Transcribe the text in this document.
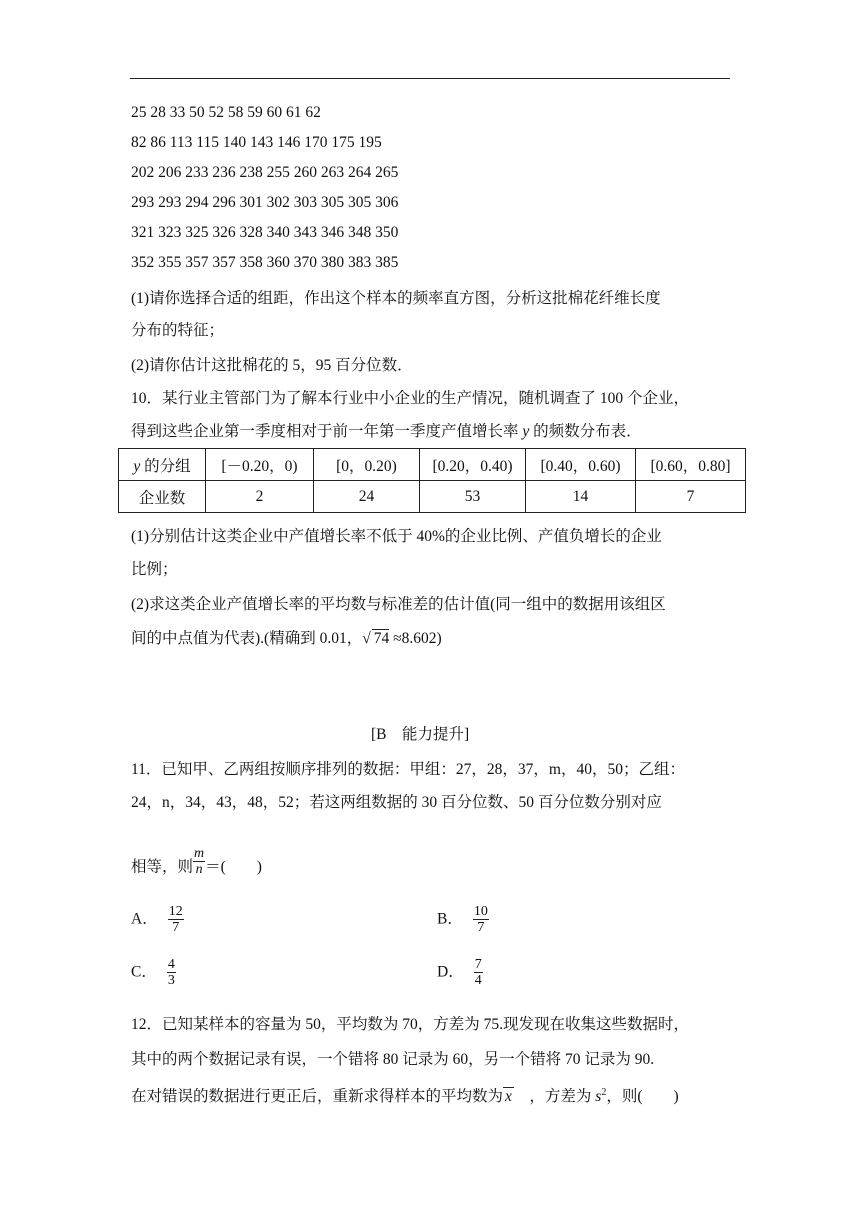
25 28 33 50 52 58 59 60 61 62
82 86 113 115 140 143 146 170 175 195
202 206 233 236 238 255 260 263 264 265
293 293 294 296 301 302 303 305 305 306
321 323 325 326 328 340 343 346 348 350
352 355 357 357 358 360 370 380 383 385
(1)请你选择合适的组距，作出这个样本的频率直方图，分析这批棉花纤维长度
分布的特征；
(2)请你估计这批棉花的 5，95 百分位数．
10．某行业主管部门为了解本行业中小企业的生产情况，随机调查了 100 个企业，
得到这些企业第一季度相对于前一年第一季度产值增长率 y 的频数分布表．
y 的分组	[－0.20，0)	[0，0.20)	[0.20，0.40)	[0.40，0.60)	[0.60，0.80]
企业数	2	24	53	14	7
(1)分别估计这类企业中产值增长率不低于 40%的企业比例、产值负增长的企业
比例；
(2)求这类企业产值增长率的平均数与标准差的估计值(同一组中的数据用该组区
间的中点值为代表).(精确到 0.01，√ 74 ≈8.602)
[B　能力提升]
11．已知甲、乙两组按顺序排列的数据：甲组：27，28，37，m，40，50；乙组：
24，n，34，43，48，52；若这两组数据的 30 百分位数、50 百分位数分别对应
相等，则 $\frac{m}{n}$ ＝(　　)
A． $\frac{12}{7}$	B． $\frac{10}{7}$
C． $\frac{4}{3}$	D． $\frac{7}{4}$
12．已知某样本的容量为 50，平均数为 70，方差为 75.现发现在收集这些数据时，
其中的两个数据记录有误，一个错将 80 记录为 60，另一个错将 70 记录为 90.
在对错误的数据进行更正后，重新求得样本的平均数为 x　，方差为 $s^2$，则(　　)
